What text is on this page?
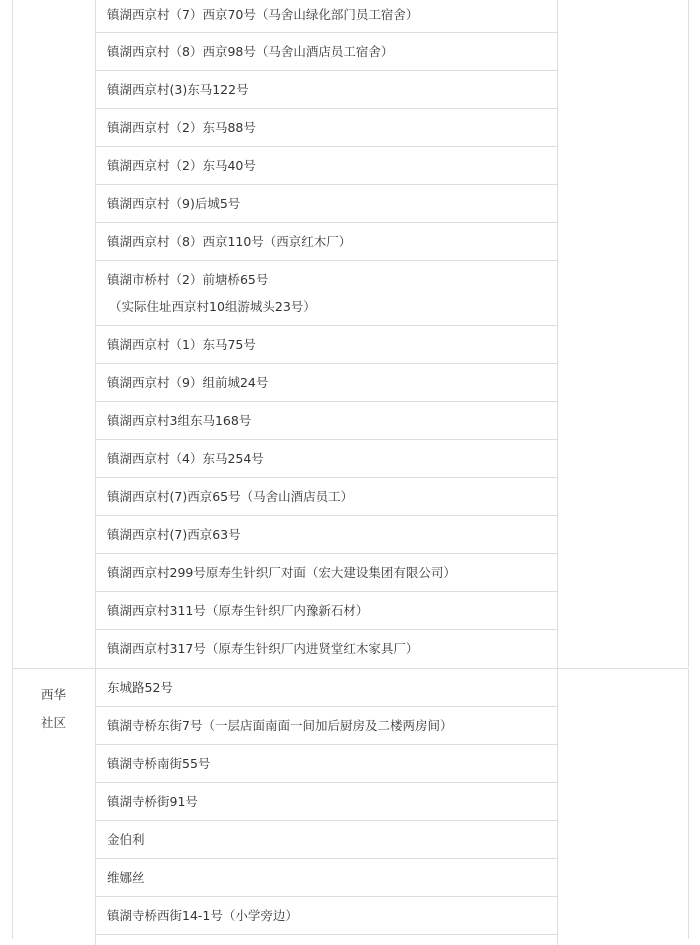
镇湖西京村（7）西京70号（马舍山绿化部门员工宿舍）
镇湖西京村（8）西京98号（马舍山酒店员工宿舍）
镇湖西京村(3)东马122号
镇湖西京村（2）东马88号
镇湖西京村（2）东马40号
镇湖西京村（9)后城5号
镇湖西京村（8）西京110号（西京红木厂）
镇湖市桥村（2）前塘桥65号
（实际住址西京村10组游城头23号）
镇湖西京村（1）东马75号
镇湖西京村（9）组前城24号
镇湖西京村3组东马168号
镇湖西京村（4）东马254号
镇湖西京村(7)西京65号（马舍山酒店员工）
镇湖西京村(7)西京63号
镇湖西京村299号原寿生针织厂对面（宏大建设集团有限公司）
镇湖西京村311号（原寿生针织厂内豫新石材）
镇湖西京村317号（原寿生针织厂内进贤堂红木家具厂）
西华
社区
东城路52号
镇湖寺桥东街7号（一层店面南面一间加后厨房及二楼两房间）
镇湖寺桥南街55号
镇湖寺桥街91号
金伯利
维娜丝
镇湖寺桥西街14-1号（小学旁边）
